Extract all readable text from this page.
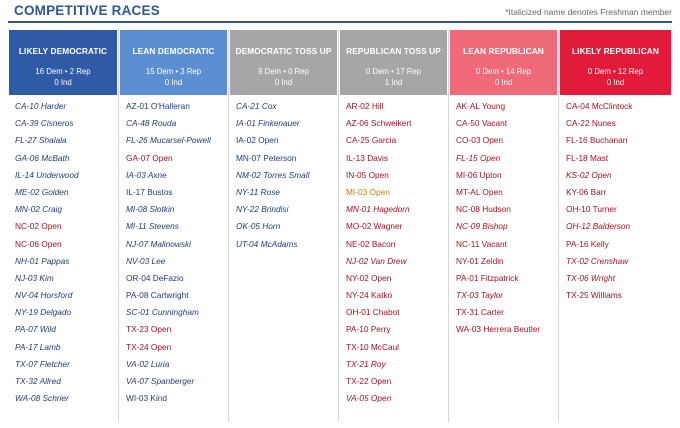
COMPETITIVE RACES	*Italicized name denotes Freshman member
LIKELY DEMOCRATIC
16 Dem • 2 Rep
0 Ind
CA-10 Harder
CA-39 Cisneros
FL-27 Shalala
GA-06 McBath
IL-14 Underwood
ME-02 Golden
MN-02 Craig
NC-02 Open
NC-06 Open
NH-01 Pappas
NJ-03 Kim
NV-04 Horsford
NY-19 Delgado
PA-07 Wild
PA-17 Lamb
TX-07 Fletcher
TX-32 Allred
WA-08 Schrier
LEAN DEMOCRATIC
15 Dem • 3 Rep
0 Ind
AZ-01 O'Halleran
CA-48 Rouda
FL-26 Mucarsel-Powell
GA-07 Open
IA-03 Axne
IL-17 Bustos
MI-08 Slotkin
MI-11 Stevens
NJ-07 Malinowski
NV-03 Lee
OR-04 DeFazio
PA-08 Cartwright
SC-01 Cunningham
TX-23 Open
TX-24 Open
VA-02 Luria
VA-07 Spanberger
WI-03 Kind
DEMOCRATIC TOSS UP
9 Dem • 0 Rep
0 Ind
CA-21 Cox
IA-01 Finkenauer
IA-02 Open
MN-07 Peterson
NM-02 Torres Small
NY-11 Rose
NY-22 Brindisi
OK-05 Horn
UT-04 McAdams
REPUBLICAN TOSS UP
0 Dem • 17 Rep
1 Ind
AR-02 Hill
AZ-06 Schweikert
CA-25 Garcia
IL-13 Davis
IN-05 Open
MI-03 Open
MN-01 Hagedorn
MO-02 Wagner
NE-02 Bacon
NJ-02 Van Drew
NY-02 Open
NY-24 Katko
OH-01 Chabot
PA-10 Perry
TX-10 McCaul
TX-21 Roy
TX-22 Open
VA-05 Open
LEAN REPUBLICAN
0 Dem • 14 Rep
0 Ind
AK-AL Young
CA-50 Vacant
CO-03 Open
FL-15 Open
MI-06 Upton
MT-AL Open
NC-08 Hudson
NC-09 Bishop
NC-11 Vacant
NY-01 Zeldin
PA-01 Fitzpatrick
TX-03 Taylor
TX-31 Carter
WA-03 Herrera Beutler
LIKELY REPUBLICAN
0 Dem • 12 Rep
0 Ind
CA-04 McClintock
CA-22 Nunes
FL-16 Buchanan
FL-18 Mast
KS-02 Open
KY-06 Barr
OH-10 Turner
OH-12 Balderson
PA-16 Kelly
TX-02 Crenshaw
TX-06 Wright
TX-25 Williams
